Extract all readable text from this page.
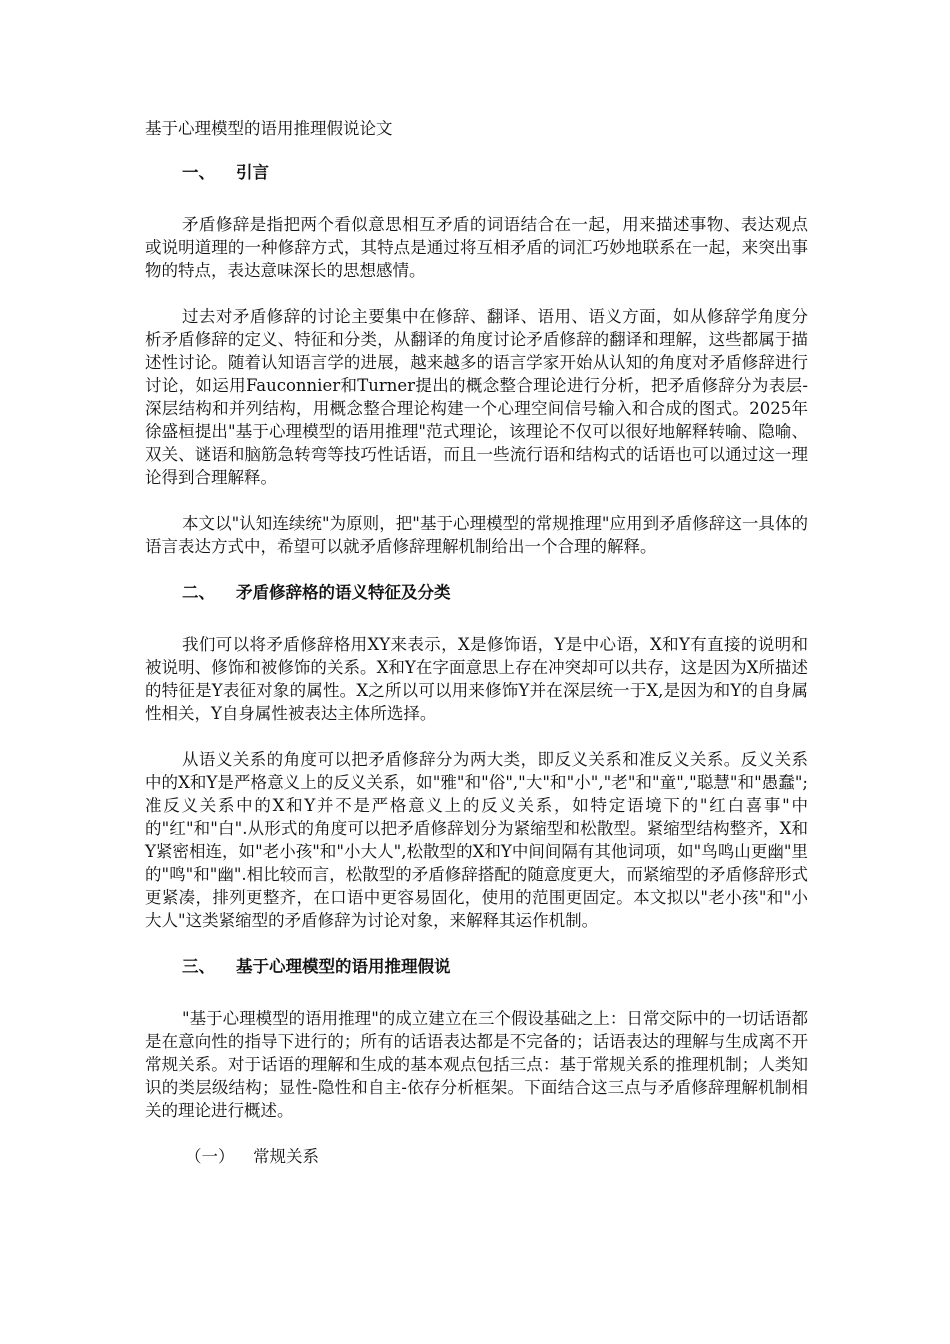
基于心理模型的语用推理假说论文
一、 引言

矛盾修辞是指把两个看似意思相互矛盾的词语结合在一起，用来描述事物、表达观点或说明道理的一种修辞方式，其特点是通过将互相矛盾的词汇巧妙地联系在一起，来突出事物的特点，表达意味深长的思想感情。

过去对矛盾修辞的讨论主要集中在修辞、翻译、语用、语义方面，如从修辞学角度分析矛盾修辞的定义、特征和分类，从翻译的角度讨论矛盾修辞的翻译和理解，这些都属于描述性讨论。随着认知语言学的进展，越来越多的语言学家开始从认知的角度对矛盾修辞进行讨论，如运用Fauconnier和Turner提出的概念整合理论进行分析，把矛盾修辞分为表层-深层结构和并列结构，用概念整合理论构建一个心理空间信号输入和合成的图式。2025年徐盛桓提出"基于心理模型的语用推理"范式理论，该理论不仅可以很好地解释转喻、隐喻、双关、谜语和脑筋急转弯等技巧性话语，而且一些流行语和结构式的话语也可以通过这一理论得到合理解释。

本文以"认知连续统"为原则，把"基于心理模型的常规推理"应用到矛盾修辞这一具体的语言表达方式中，希望可以就矛盾修辞理解机制给出一个合理的解释。

二、 矛盾修辞格的语义特征及分类

我们可以将矛盾修辞格用XY来表示，X是修饰语，Y是中心语，X和Y有直接的说明和被说明、修饰和被修饰的关系。X和Y在字面意思上存在冲突却可以共存，这是因为X所描述的特征是Y表征对象的属性。X之所以可以用来修饰Y并在深层统一于X,是因为和Y的自身属性相关，Y自身属性被表达主体所选择。

从语义关系的角度可以把矛盾修辞分为两大类，即反义关系和准反义关系。反义关系中的X和Y是严格意义上的反义关系，如"雅"和"俗","大"和"小","老"和"童","聪慧"和"愚蠢";准反义关系中的X和Y并不是严格意义上的反义关系，如特定语境下的"红白喜事"中的"红"和"白".从形式的角度可以把矛盾修辞划分为紧缩型和松散型。紧缩型结构整齐，X和Y紧密相连，如"老小孩"和"小大人",松散型的X和Y中间间隔有其他词项，如"鸟鸣山更幽"里的"鸣"和"幽".相比较而言，松散型的矛盾修辞搭配的随意度更大，而紧缩型的矛盾修辞形式更紧凑，排列更整齐，在口语中更容易固化，使用的范围更固定。本文拟以"老小孩"和"小大人"这类紧缩型的矛盾修辞为讨论对象，来解释其运作机制。

三、 基于心理模型的语用推理假说

"基于心理模型的语用推理"的成立建立在三个假设基础之上：日常交际中的一切话语都是在意向性的指导下进行的；所有的话语表达都是不完备的；话语表达的理解与生成离不开常规关系。对于话语的理解和生成的基本观点包括三点：基于常规关系的推理机制；人类知识的类层级结构；显性-隐性和自主-依存分析框架。下面结合这三点与矛盾修辞理解机制相关的理论进行概述。

（一） 常规关系
